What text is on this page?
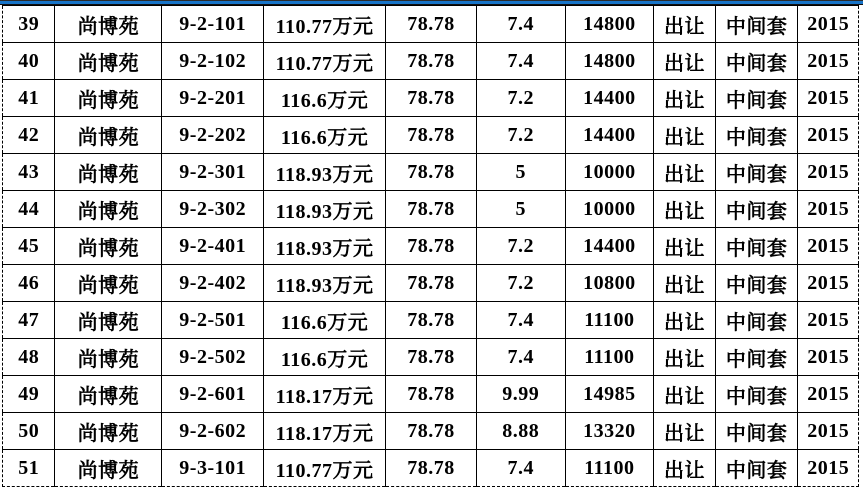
39	尚博苑	9-2-101	110.77万元	78.78	7.4	14800	出让	中间套	2015
40	尚博苑	9-2-102	110.77万元	78.78	7.4	14800	出让	中间套	2015
41	尚博苑	9-2-201	116.6万元	78.78	7.2	14400	出让	中间套	2015
42	尚博苑	9-2-202	116.6万元	78.78	7.2	14400	出让	中间套	2015
43	尚博苑	9-2-301	118.93万元	78.78	5	10000	出让	中间套	2015
44	尚博苑	9-2-302	118.93万元	78.78	5	10000	出让	中间套	2015
45	尚博苑	9-2-401	118.93万元	78.78	7.2	14400	出让	中间套	2015
46	尚博苑	9-2-402	118.93万元	78.78	7.2	10800	出让	中间套	2015
47	尚博苑	9-2-501	116.6万元	78.78	7.4	11100	出让	中间套	2015
48	尚博苑	9-2-502	116.6万元	78.78	7.4	11100	出让	中间套	2015
49	尚博苑	9-2-601	118.17万元	78.78	9.99	14985	出让	中间套	2015
50	尚博苑	9-2-602	118.17万元	78.78	8.88	13320	出让	中间套	2015
51	尚博苑	9-3-101	110.77万元	78.78	7.4	11100	出让	中间套	2015
